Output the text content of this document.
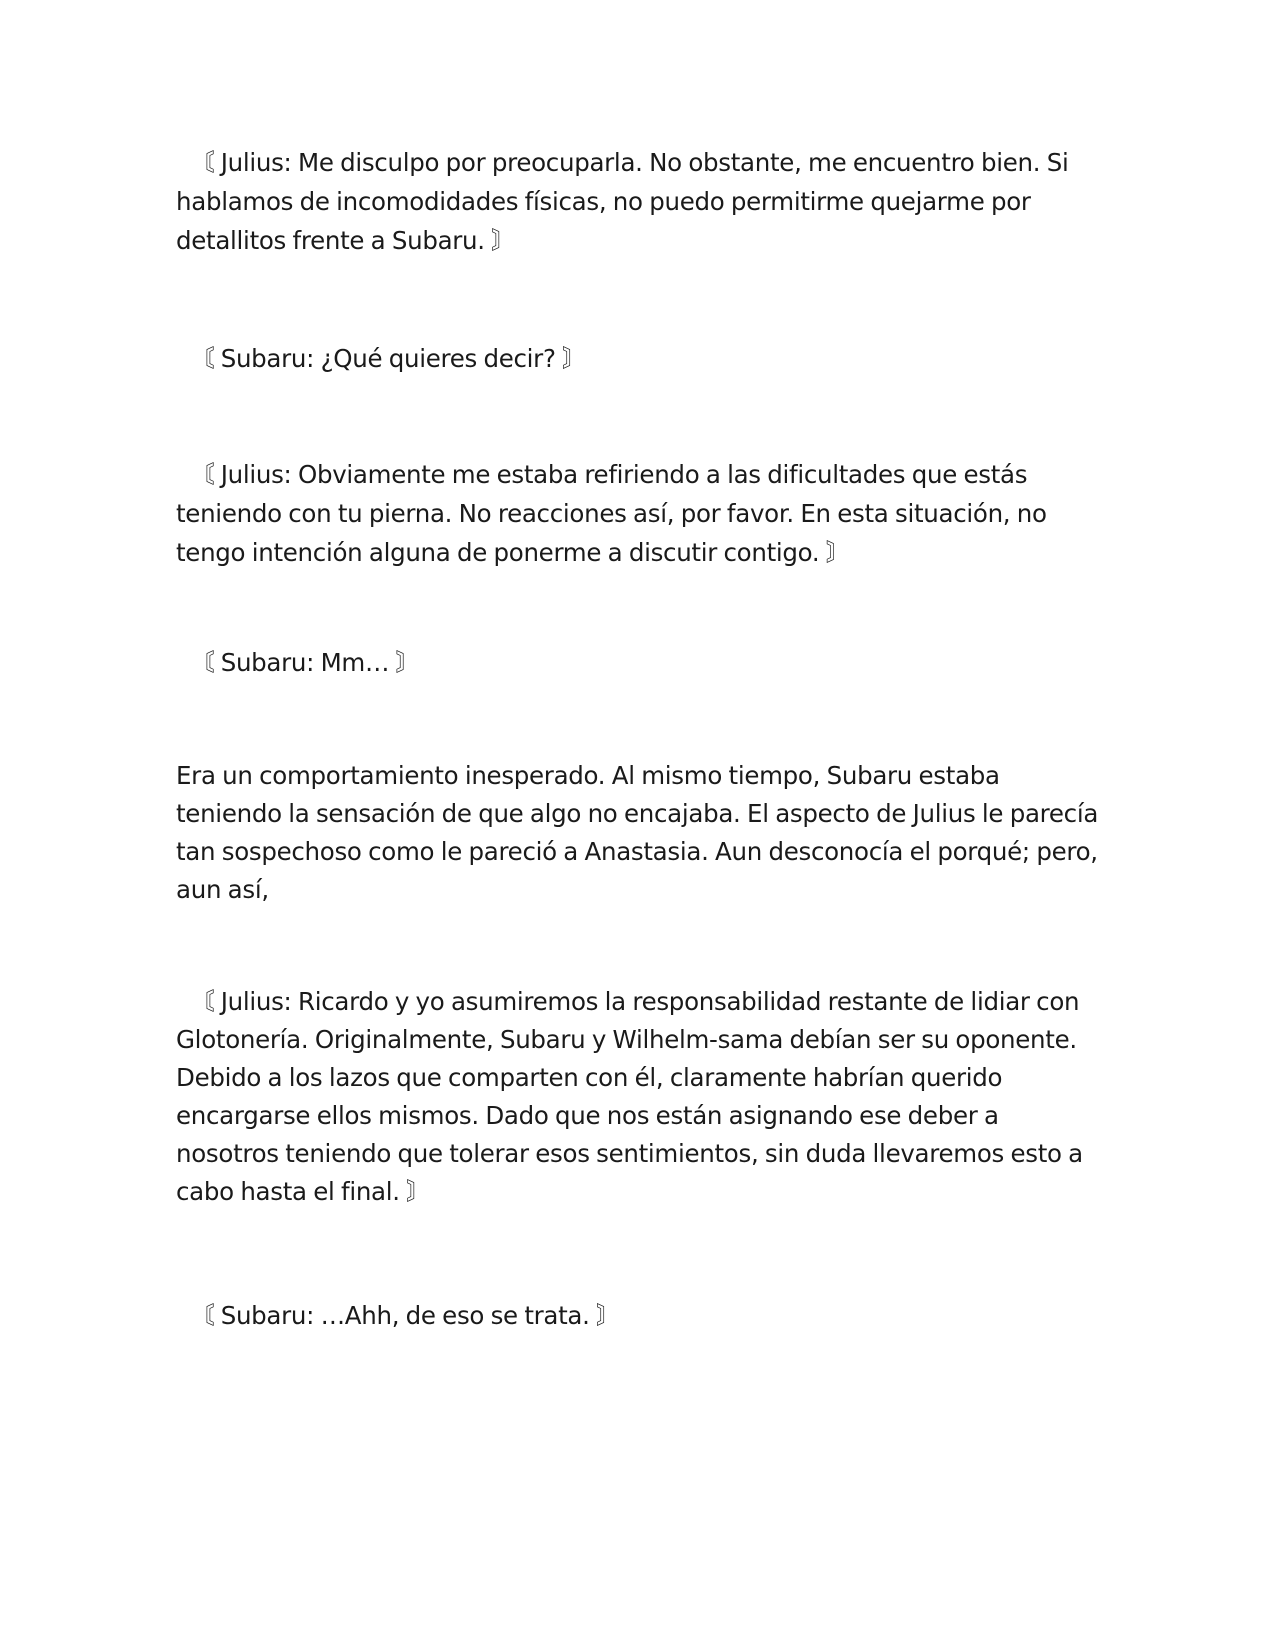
〘 Julius: Me disculpo por preocuparla. No obstante, me encuentro bien. Si
hablamos de incomodidades físicas, no puedo permitirme quejarme por
detallitos frente a Subaru. 〙

〘 Subaru: ¿Qué quieres decir? 〙

〘 Julius: Obviamente me estaba refiriendo a las dificultades que estás
teniendo con tu pierna. No reacciones así, por favor. En esta situación, no
tengo intención alguna de ponerme a discutir contigo. 〙

〘 Subaru: Mm… 〙

Era un comportamiento inesperado. Al mismo tiempo, Subaru estaba
teniendo la sensación de que algo no encajaba. El aspecto de Julius le parecía
tan sospechoso como le pareció a Anastasia. Aun desconocía el porqué; pero,
aun así,

〘 Julius: Ricardo y yo asumiremos la responsabilidad restante de lidiar con
Glotonería. Originalmente, Subaru y Wilhelm-sama debían ser su oponente.
Debido a los lazos que comparten con él, claramente habrían querido
encargarse ellos mismos. Dado que nos están asignando ese deber a
nosotros teniendo que tolerar esos sentimientos, sin duda llevaremos esto a
cabo hasta el final. 〙

〘 Subaru: …Ahh, de eso se trata. 〙
